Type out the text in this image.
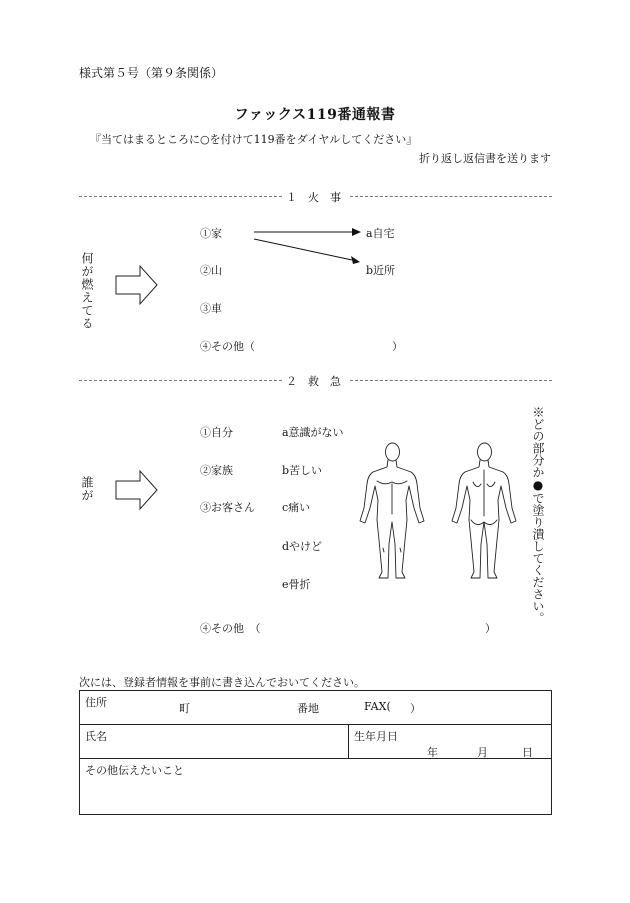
様式第５号（第９条関係）
ファックス119番通報書
『当てはまるところに○を付けて119番をダイヤルしてください』
折り返し返信書を送ります
１　火　事
何が燃えてる
①家
②山
③車
④その他（	）
a自宅
b近所
２　救　急
誰が
①自分
②家族
③お客さん
④その他　（	）
a意識がない
b苦しい
c痛い
dやけど
e骨折	※どの部分か●で塗り潰してください。
次には、登録者情報を事前に書き込んでおいてください。
住所	町	番地	FAX( ）

氏名	生年月日
年	月	日

その他伝えたいこと
